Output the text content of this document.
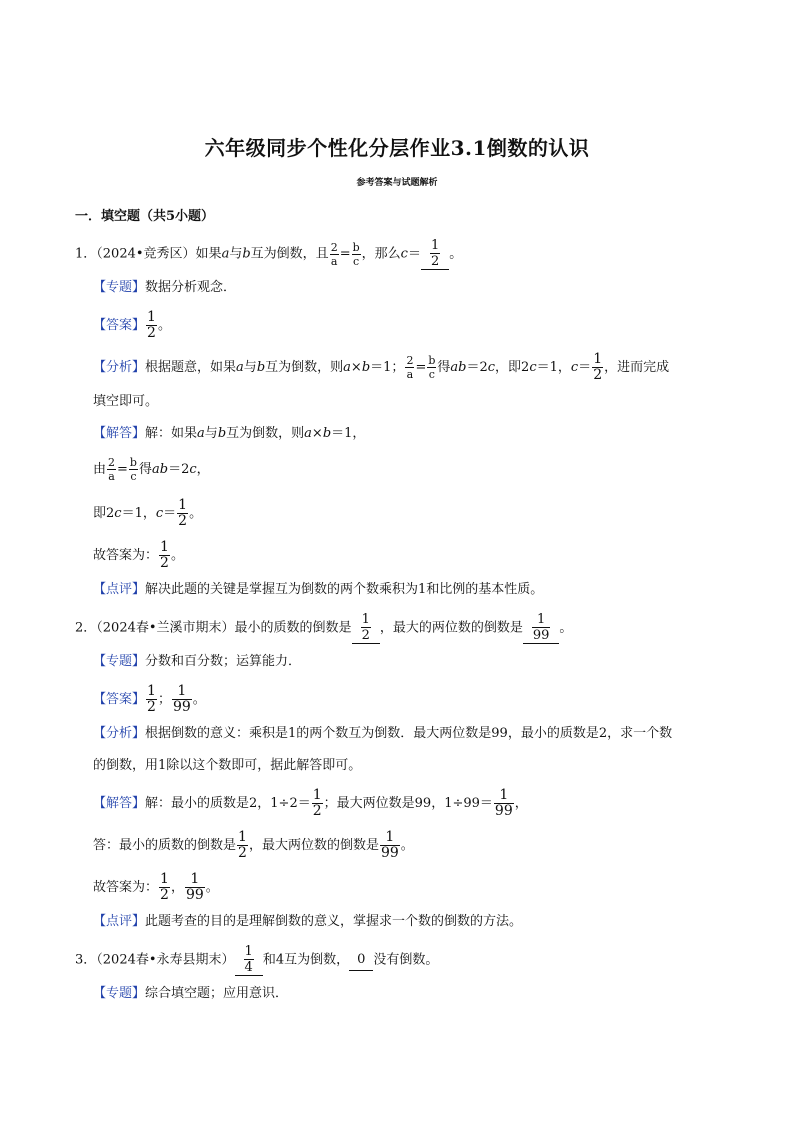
六年级同步个性化分层作业3.1倒数的认识
参考答案与试题解析
一．填空题（共5小题）
1．（2024•竞秀区）如果a与b互为倒数，且 $\frac{2}{a} = \frac{b}{c}$ ，那么$c= \frac{1}{2}$ 。
【专题】数据分析观念．
【答案】 $\frac{1}{2}$ 。
【分析】根据题意，如果a与b互为倒数，则a×b＝1； $\frac{2}{a} = \frac{b}{c}$ 得ab＝2c，即2c＝1，$c= \frac{1}{2}$ ，进而完成
填空即可。
【解答】解：如果a与b互为倒数，则a×b＝1，
由 $\frac{2}{a} = \frac{b}{c}$ 得ab＝2c，
即2c＝1，$c= \frac{1}{2}$ 。
故答案为： $\frac{1}{2}$ 。
【点评】解决此题的关键是掌握互为倒数的两个数乘积为1和比例的基本性质。
2．（2024春•兰溪市期末）最小的质数的倒数是 $\frac{1}{2}$ ，最大的两位数的倒数是 $\frac{1}{99}$ 。
【专题】分数和百分数；运算能力．
【答案】 $\frac{1}{2}$ ； $\frac{1}{99}$ 。
【分析】根据倒数的意义：乘积是1的两个数互为倒数．最大两位数是99，最小的质数是2，求一个数
的倒数，用1除以这个数即可，据此解答即可。
【解答】解：最小的质数是2，$1\div 2= \frac{1}{2}$ ；最大两位数是99，$1\div 99= \frac{1}{99}$ ，
答：最小的质数的倒数是 $\frac{1}{2}$ ，最大两位数的倒数是 $\frac{1}{99}$ 。
故答案为： $\frac{1}{2}$ ， $\frac{1}{99}$ 。
【点评】此题考查的目的是理解倒数的意义，掌握求一个数的倒数的方法。
3．（2024春•永寿县期末） $\frac{1}{4}$ 和4互为倒数， 0 没有倒数。
【专题】综合填空题；应用意识．
